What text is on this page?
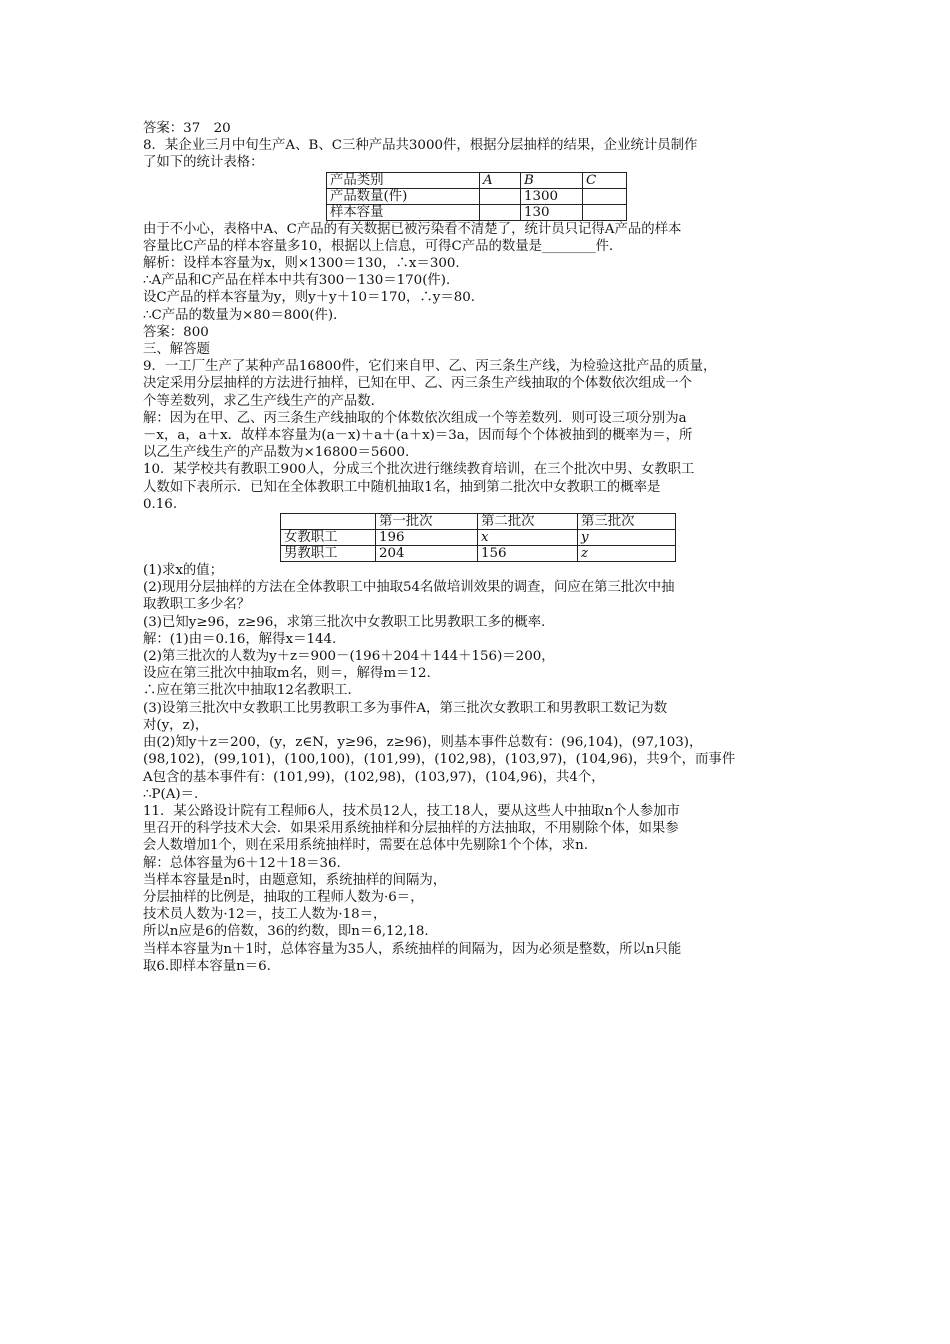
答案：37　20
8．某企业三月中旬生产A、B、C三种产品共3000件，根据分层抽样的结果，企业统计员制作
了如下的统计表格：
产品类别	A	B	C
产品数量(件)		1300	
样本容量		130	
由于不小心，表格中A、C产品的有关数据已被污染看不清楚了，统计员只记得A产品的样本
容量比C产品的样本容量多10，根据以上信息，可得C产品的数量是________件．
解析：设样本容量为x，则×1300＝130，∴x＝300.
∴A产品和C产品在样本中共有300－130＝170(件)．
设C产品的样本容量为y，则y＋y＋10＝170，∴y＝80.
∴C产品的数量为×80＝800(件)．
答案：800
三、解答题
9．一工厂生产了某种产品16800件，它们来自甲、乙、丙三条生产线，为检验这批产品的质量，
决定采用分层抽样的方法进行抽样，已知在甲、乙、丙三条生产线抽取的个体数依次组成一个
个等差数列，求乙生产线生产的产品数．
解：因为在甲、乙、丙三条生产线抽取的个体数依次组成一个等差数列．则可设三项分别为a
－x，a，a＋x．故样本容量为(a－x)＋a＋(a＋x)＝3a，因而每个个体被抽到的概率为＝，所
以乙生产线生产的产品数为×16800＝5600.
10．某学校共有教职工900人，分成三个批次进行继续教育培训，在三个批次中男、女教职工
人数如下表所示．已知在全体教职工中随机抽取1名，抽到第二批次中女教职工的概率是
0.16.
	第一批次	第二批次	第三批次
女教职工	196	x	y
男教职工	204	156	z
(1)求x的值；
(2)现用分层抽样的方法在全体教职工中抽取54名做培训效果的调查，问应在第三批次中抽
取教职工多少名？
(3)已知y≥96，z≥96，求第三批次中女教职工比男教职工多的概率．
解：(1)由＝0.16，解得x＝144.
(2)第三批次的人数为y＋z＝900－(196＋204＋144＋156)＝200，
设应在第三批次中抽取m名，则＝，解得m＝12.
∴应在第三批次中抽取12名教职工．
(3)设第三批次中女教职工比男教职工多为事件A，第三批次女教职工和男教职工数记为数
对(y，z)，
由(2)知y＋z＝200，(y，z∈N，y≥96，z≥96)，则基本事件总数有：(96,104)，(97,103)，
(98,102)，(99,101)，(100,100)，(101,99)，(102,98)，(103,97)，(104,96)，共9个，而事件
A包含的基本事件有：(101,99)，(102,98)，(103,97)，(104,96)，共4个，
∴P(A)＝.
11．某公路设计院有工程师6人，技术员12人，技工18人，要从这些人中抽取n个人参加市
里召开的科学技术大会．如果采用系统抽样和分层抽样的方法抽取，不用剔除个体，如果参
会人数增加1个，则在采用系统抽样时，需要在总体中先剔除1个个体，求n.
解：总体容量为6＋12＋18＝36.
当样本容量是n时，由题意知，系统抽样的间隔为，
分层抽样的比例是，抽取的工程师人数为·6＝，
技术员人数为·12＝，技工人数为·18＝，
所以n应是6的倍数，36的约数，即n＝6,12,18.
当样本容量为n＋1时，总体容量为35人，系统抽样的间隔为，因为必须是整数，所以n只能
取6.即样本容量n＝6.
